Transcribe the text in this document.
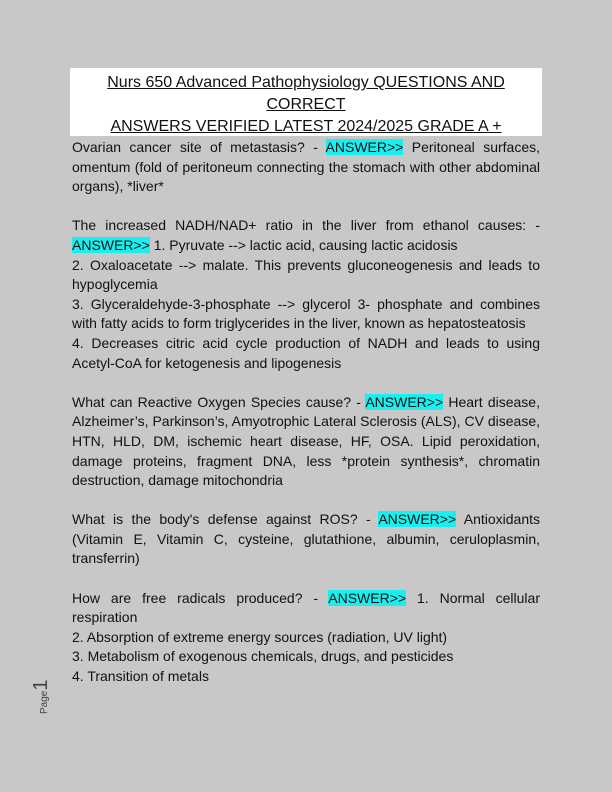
Nurs 650 Advanced Pathophysiology QUESTIONS AND CORRECT
ANSWERS VERIFIED LATEST 2024/2025 GRADE A +

Ovarian cancer site of metastasis? - ANSWER>> Peritoneal surfaces, omentum (fold of peritoneum connecting the stomach with other abdominal organs), *liver*

The increased NADH/NAD+ ratio in the liver from ethanol causes: - ANSWER>> 1. Pyruvate --> lactic acid, causing lactic acidosis

2. Oxaloacetate --> malate. This prevents gluconeogenesis and leads to hypoglycemia

3. Glyceraldehyde-3-phosphate --> glycerol 3- phosphate and combines with fatty acids to form triglycerides in the liver, known as hepatosteatosis

4. Decreases citric acid cycle production of NADH and leads to using Acetyl-CoA for ketogenesis and lipogenesis

What can Reactive Oxygen Species cause? - ANSWER>> Heart disease, Alzheimer’s, Parkinson’s, Amyotrophic Lateral Sclerosis (ALS), CV disease, HTN, HLD, DM, ischemic heart disease, HF, OSA. Lipid peroxidation, damage proteins, fragment DNA, less *protein synthesis*, chromatin destruction, damage mitochondria

What is the body's defense against ROS? - ANSWER>> Antioxidants (Vitamin E, Vitamin C, cysteine, glutathione, albumin, ceruloplasmin, transferrin)

How are free radicals produced? - ANSWER>> 1. Normal cellular respiration

2. Absorption of extreme energy sources (radiation, UV light)

3. Metabolism of exogenous chemicals, drugs, and pesticides

4. Transition of metals

Page1
